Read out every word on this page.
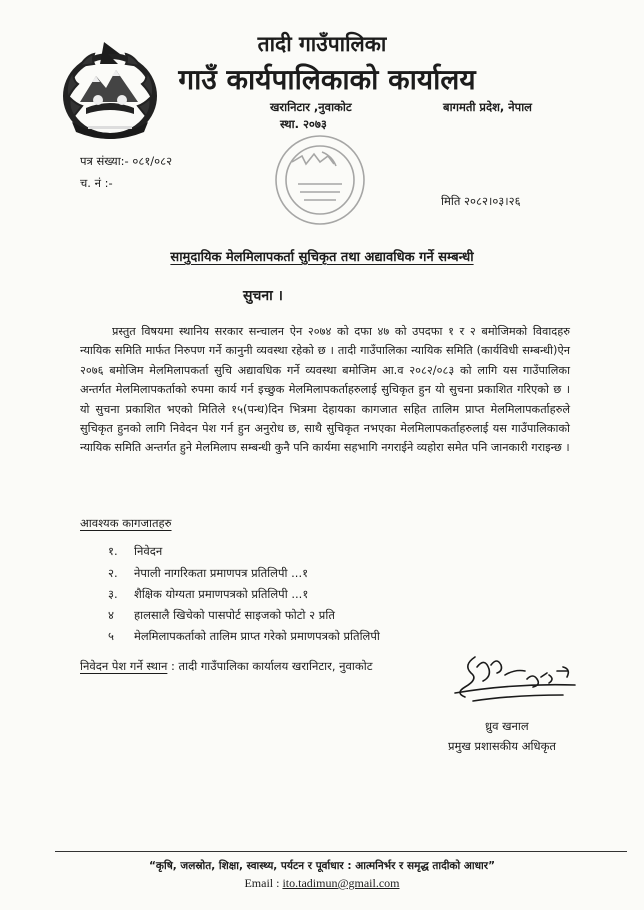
तादी गाउँपालिका
गाउँ कार्यपालिकाको कार्यालय
खरानिटार ,नुवाकोट
स्था. २०७३
बागमती प्रदेश, नेपाल
पत्र संख्या:- ०८१/०८२
च. नं :-
मिति २०८२।०३।२६
सामुदायिक मेलमिलापकर्ता सुचिकृत तथा अद्यावधिक गर्ने सम्बन्धी
सुचना ।
प्रस्तुत विषयमा स्थानिय सरकार सन्चालन ऐन २०७४ को दफा ४७ को उपदफा १ र २ बमोजिमको विवादहरु न्यायिक समिति मार्फत निरुपण गर्ने कानुनी व्यवस्था रहेको छ । तादी गाउँपालिका न्यायिक समिति (कार्यविधी सम्बन्धी)ऐन २०७६ बमोजिम मेलमिलापकर्ता सुचि अद्यावधिक गर्ने व्यवस्था बमोजिम आ.व २०८२/०८३ को लागि यस गाउँपालिका अन्तर्गत मेलमिलापकर्ताको रुपमा कार्य गर्न इच्छुक मेलमिलापकर्ताहरुलाई सुचिकृत हुन यो सुचना प्रकाशित गरिएको छ । यो सुचना प्रकाशित भएको मितिले १५(पन्ध)दिन भित्रमा देहायका कागजात सहित तालिम प्राप्त मेलमिलापकर्ताहरुले सुचिकृत हुनको लागि निवेदन पेश गर्न हुन अनुरोध छ, साथै सुचिकृत नभएका मेलमिलापकर्ताहरुलाई यस गाउँपालिकाको न्यायिक समिति अन्तर्गत हुने मेलमिलाप सम्बन्धी कुनै पनि कार्यमा सहभागि नगराईने व्यहोरा समेत पनि जानकारी गराइन्छ ।
आवश्यक कागजातहरु
१. निवेदन
२. नेपाली नागरिकता प्रमाणपत्र प्रतिलिपी ...१
३. शैक्षिक योग्यता प्रमाणपत्रको प्रतिलिपी ...१
४ हालसालै खिचेको पासपोर्ट साइजको फोटो २ प्रति
५ मेलमिलापकर्ताको तालिम प्राप्त गरेको प्रमाणपत्रको प्रतिलिपी
निवेदन पेश गर्ने स्थान : तादी गाउँपालिका कार्यालय खरानिटार, नुवाकोट
ध्रुव खनाल
प्रमुख प्रशासकीय अधिकृत
“कृषि, जलस्रोत, शिक्षा, स्वास्थ्य, पर्यटन र पूर्वाधार : आत्मनिर्भर र समृद्ध तादीको आधार”
Email : ito.tadimun@gmail.com
